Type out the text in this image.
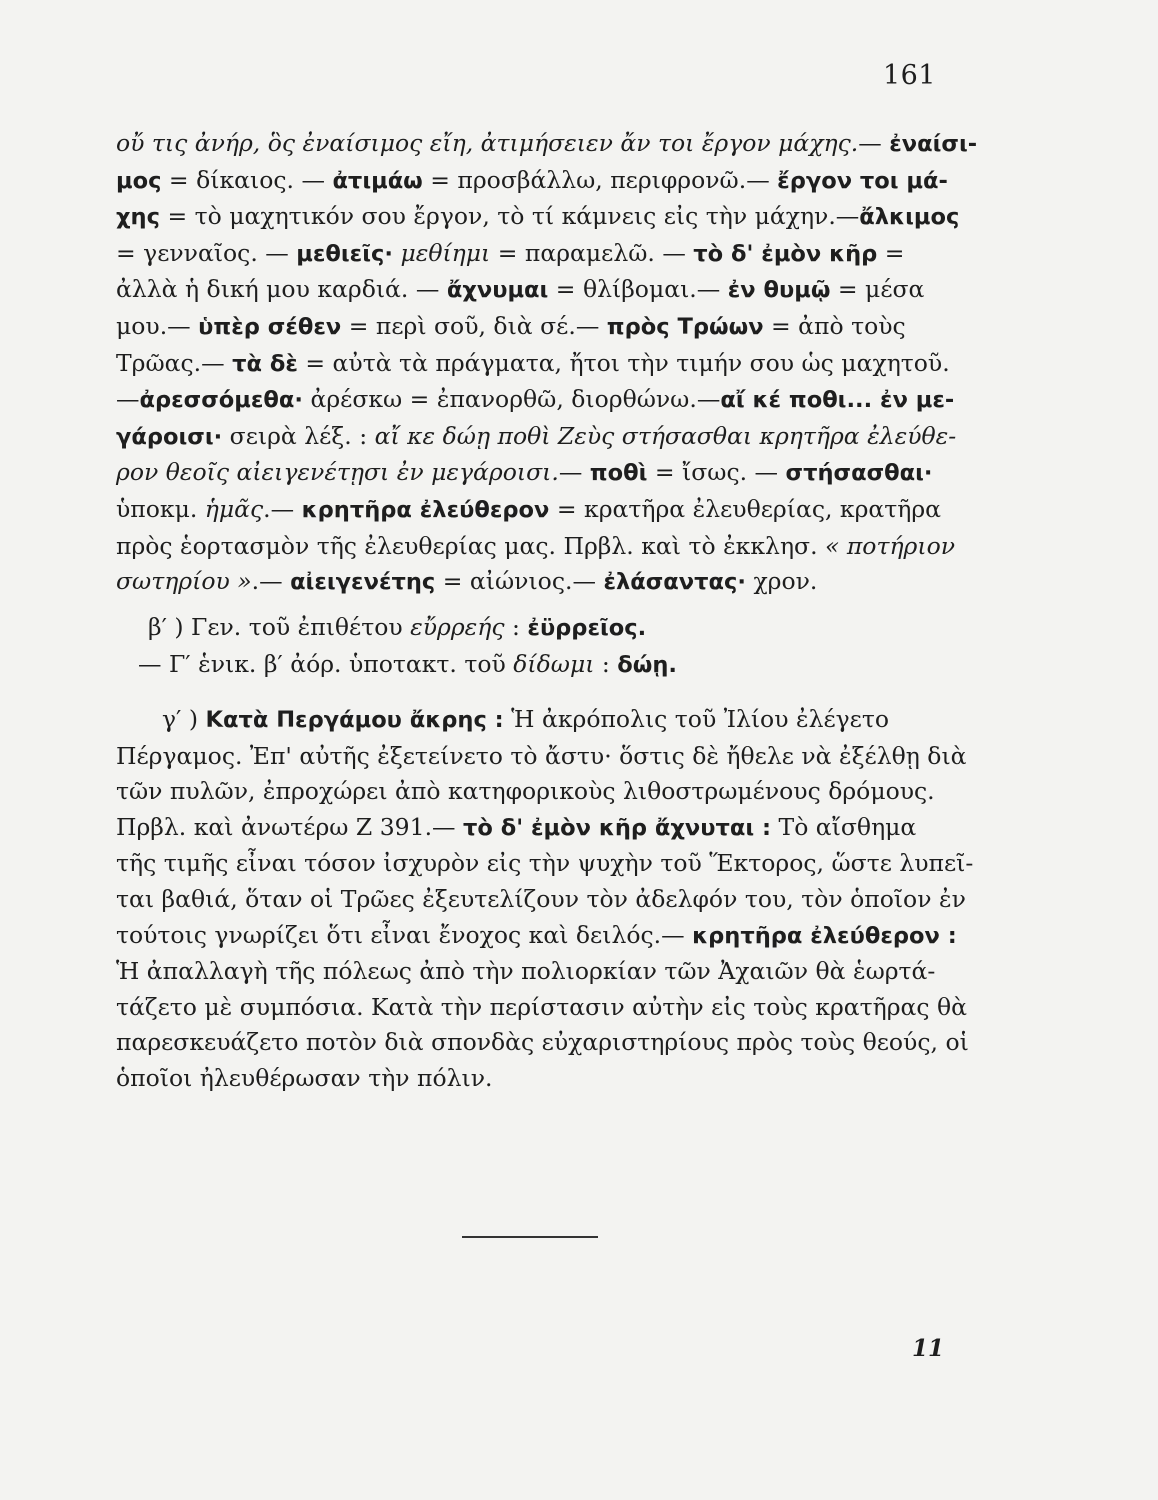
161
οὔ τις ἀνήρ, ὃς ἐναίσιμος εἴη, ἀτιμήσειεν ἄν τοι ἔργον μάχης.— ἐναίσι-
μος = δίκαιος. — ἀτιμάω = προσβάλλω, περιφρονῶ.— ἔργον τοι μά-
χης = τὸ μαχητικόν σου ἔργον, τὸ τί κάμνεις εἰς τὴν μάχην.—ἄλκιμος
= γενναῖος. — μεθιεῖς· μεθίημι = παραμελῶ. — τὸ δ' ἐμὸν κῆρ =
ἀλλὰ ἡ δική μου καρδιά. — ἄχνυμαι = θλίβομαι.— ἐν θυμῷ = μέσα
μου.— ὑπὲρ σέθεν = περὶ σοῦ, διὰ σέ.— πρὸς Τρώων = ἀπὸ τοὺς
Τρῶας.— τὰ δὲ = αὐτὰ τὰ πράγματα, ἤτοι τὴν τιμήν σου ὡς μαχητοῦ.
—ἀρεσσόμεθα· ἀρέσκω = ἐπανορθῶ, διορθώνω.—αἴ κέ ποθι... ἐν με-
γάροισι· σειρὰ λέξ. : αἴ κε δώῃ ποθὶ Ζεὺς στήσασθαι κρητῆρα ἐλεύθε-
ρον θεοῖς αἰειγενέτῃσι ἐν μεγάροισι.— ποθὶ = ἴσως. — στήσασθαι·
ὑποκμ. ἡμᾶς.— κρητῆρα ἐλεύθερον = κρατῆρα ἐλευθερίας, κρατῆρα
πρὸς ἑορτασμὸν τῆς ἐλευθερίας μας. Πρβλ. καὶ τὸ ἐκκλησ. « ποτήριον
σωτηρίου ».— αἰειγενέτης = αἰώνιος.— ἐλάσαντας· χρον.
β′ ) Γεν. τοῦ ἐπιθέτου εὔρρεής : ἐϋρρεῖος.
— Γ′ ἑνικ. β′ ἀόρ. ὑποτακτ. τοῦ δίδωμι : δώῃ.
γ′ ) Κατὰ Περγάμου ἄκρης : Ἡ ἀκρόπολις τοῦ Ἰλίου ἐλέγετο
Πέργαμος. Ἐπ' αὐτῆς ἐξετείνετο τὸ ἄστυ· ὅστις δὲ ἤθελε νὰ ἐξέλθῃ διὰ
τῶν πυλῶν, ἐπροχώρει ἀπὸ κατηφορικοὺς λιθοστρωμένους δρόμους.
Πρβλ. καὶ ἀνωτέρω Ζ 391.— τὸ δ' ἐμὸν κῆρ ἄχνυται : Τὸ αἴσθημα
τῆς τιμῆς εἶναι τόσον ἰσχυρὸν εἰς τὴν ψυχὴν τοῦ Ἕκτορος, ὥστε λυπεῖ-
ται βαθιά, ὅταν οἱ Τρῶες ἐξευτελίζουν τὸν ἀδελφόν του, τὸν ὁποῖον ἐν
τούτοις γνωρίζει ὅτι εἶναι ἔνοχος καὶ δειλός.— κρητῆρα ἐλεύθερον :
Ἡ ἀπαλλαγὴ τῆς πόλεως ἀπὸ τὴν πολιορκίαν τῶν Ἀχαιῶν θὰ ἑωρτά-
τάζετο μὲ συμπόσια. Κατὰ τὴν περίστασιν αὐτὴν εἰς τοὺς κρατῆρας θὰ
παρεσκευάζετο ποτὸν διὰ σπονδὰς εὐχαριστηρίους πρὸς τοὺς θεούς, οἱ
ὁποῖοι ἠλευθέρωσαν τὴν πόλιν.
11
